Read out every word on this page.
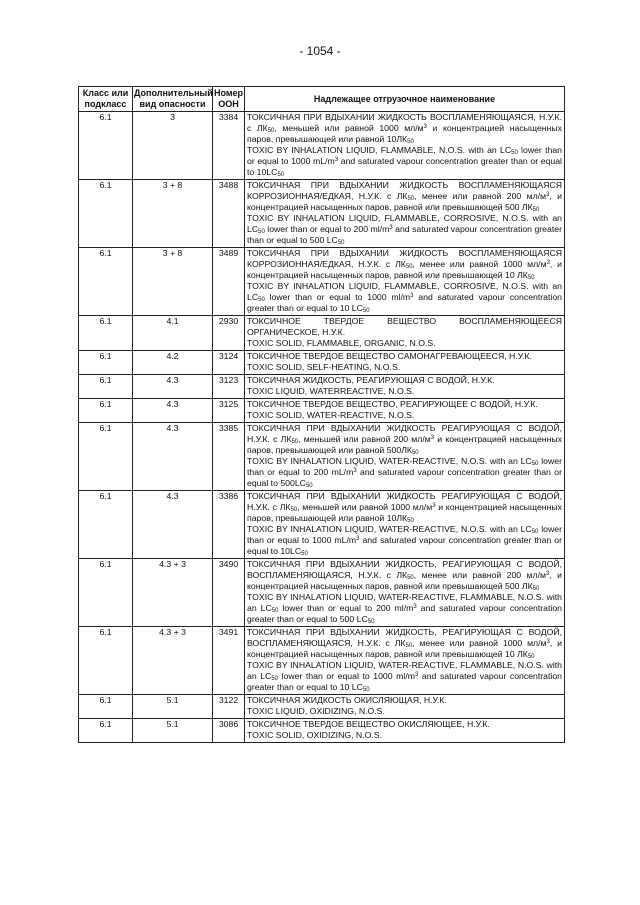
- 1054 -
Класс или подкласс	Дополнительный вид опасности	Номер ООН	Надлежащее отгрузочное наименование
6.1	3	3384	ТОКСИЧНАЯ ПРИ ВДЫХАНИИ ЖИДКОСТЬ ВОСПЛАМЕНЯЮЩАЯСЯ, Н.У.К. с $ЛК_{50}$, меньшей или равной 1000 $мл/м^3$ и концентрацией насыщенных паров, превышающей или равной $10ЛК_{50}$
TOXIC BY INHALATION LIQUID, FLAMMABLE, N.O.S. with an $LC_{50}$ lower than or equal to 1000 $mL/m^3$ and saturated vapour concentration greater than or equal to $10LC_{50}$

6.1	3 + 8	3488	ТОКСИЧНАЯ ПРИ ВДЫХАНИИ ЖИДКОСТЬ ВОСПЛАМЕНЯЮЩАЯСЯ КОРРОЗИОННАЯ/ЕДКАЯ, Н.У.К. с $ЛК_{50}$, менее или равной 200 $мл/м^3$, и концентрацией насыщенных паров, равной или превышающей 500 $ЛК_{50}$
TOXIC BY INHALATION LIQUID, FLAMMABLE, CORROSIVE, N.O.S. with an $LC_{50}$ lower than or equal to 200 $ml/m^3$ and saturated vapour concentration greater than or equal to 500 $LC_{50}$

6.1	3 + 8	3489	ТОКСИЧНАЯ ПРИ ВДЫХАНИИ ЖИДКОСТЬ ВОСПЛАМЕНЯЮЩАЯСЯ КОРРОЗИОННАЯ/ЕДКАЯ, Н.У.К. с $ЛК_{50}$, менее или равной 1000 $мл/м^3$, и концентрацией насыщенных паров, равной или превышающей 10 $ЛК_{50}$
TOXIC BY INHALATION LIQUID, FLAMMABLE, CORROSIVE, N.O.S. with an $LC_{50}$ lower than or equal to 1000 $ml/m^3$ and saturated vapour concentration greater than or equal to 10 $LC_{50}$

6.1	4.1	2930	ТОКСИЧНОЕ ТВЕРДОЕ ВЕЩЕСТВО ВОСПЛАМЕНЯЮЩЕЕСЯ ОРГАНИЧЕСКОЕ, Н.У.К.
TOXIC SOLID, FLAMMABLE, ORGANIC, N.O.S.

6.1	4.2	3124	ТОКСИЧНОЕ ТВЕРДОЕ ВЕЩЕСТВО САМОНАГРЕВАЮЩЕЕСЯ, Н.У.К.
TOXIC SOLID, SELF-HEATING, N.O.S.

6.1	4.3	3123	ТОКСИЧНАЯ ЖИДКОСТЬ, РЕАГИРУЮЩАЯ С ВОДОЙ, Н.У.К.
TOXIC LIQUID, WATERREACTIVE, N.O.S.

6.1	4.3	3125	ТОКСИЧНОЕ ТВЕРДОЕ ВЕЩЕСТВО, РЕАГИРУЮЩЕЕ С ВОДОЙ, Н.У.К.
TOXIC SOLID, WATER-REACTIVE, N.O.S.

6.1	4.3	3385	ТОКСИЧНАЯ ПРИ ВДЫХАНИИ ЖИДКОСТЬ РЕАГИРУЮЩАЯ С ВОДОЙ, Н.У.К. с $ЛК_{50}$, меньшей или равной 200 $мл/м^3$ и концентрацией насыщенных паров, превышающей или равной $500ЛК_{50}$
TOXIC BY INHALATION LIQUID, WATER-REACTIVE, N.O.S. with an $LC_{50}$ lower than or equal to 200 $mL/m^3$ and saturated vapour concentration greater than or equal to $500LC_{50}$

6.1	4.3	3386	ТОКСИЧНАЯ ПРИ ВДЫХАНИИ ЖИДКОСТЬ РЕАГИРУЮЩАЯ С ВОДОЙ, Н.У.К. с $ЛК_{50}$, меньшей или равной 1000 $мл/м^3$ и концентрацией насыщенных паров, превышающей или равной $10ЛК_{50}$
TOXIC BY INHALATION LIQUID, WATER-REACTIVE, N.O.S. with an $LC_{50}$ lower than or equal to 1000 $mL/m^3$ and saturated vapour concentration greater than or equal to $10LC_{50}$

6.1	4.3 + 3	3490	ТОКСИЧНАЯ ПРИ ВДЫХАНИИ ЖИДКОСТЬ, РЕАГИРУЮЩАЯ С ВОДОЙ, ВОСПЛАМЕНЯЮЩАЯСЯ, Н.У.К. с $ЛК_{50}$, менее или равной 200 $мл/м^3$, и концентрацией насыщенных паров, равной или превышающей 500 $ЛК_{50}$
TOXIC BY INHALATION LIQUID, WATER-REACTIVE, FLAMMABLE, N.O.S. with an $LC_{50}$ lower than or equal to 200 $ml/m^3$ and saturated vapour concentration greater than or equal to 500 $LC_{50}$

6.1	4.3 + 3	3491	ТОКСИЧНАЯ ПРИ ВДЫХАНИИ ЖИДКОСТЬ, РЕАГИРУЮЩАЯ С ВОДОЙ, ВОСПЛАМЕНЯЮЩАЯСЯ, Н.У.К. с $ЛК_{50}$, менее или равной 1000 $мл/м^3$, и концентрацией насыщенных паров, равной или превышающей 10 $ЛК_{50}$
TOXIC BY INHALATION LIQUID, WATER-REACTIVE, FLAMMABLE, N.O.S. with an $LC_{50}$ lower than or equal to 1000 $ml/m^3$ and saturated vapour concentration greater than or equal to 10 $LC_{50}$

6.1	5.1	3122	ТОКСИЧНАЯ ЖИДКОСТЬ ОКИСЛЯЮЩАЯ, Н.У.К.
TOXIC LIQUID, OXIDIZING, N.O.S.

6.1	5.1	3086	ТОКСИЧНОЕ ТВЕРДОЕ ВЕЩЕСТВО ОКИСЛЯЮЩЕЕ, Н.У.К.
TOXIC SOLID, OXIDIZING, N.O.S.
